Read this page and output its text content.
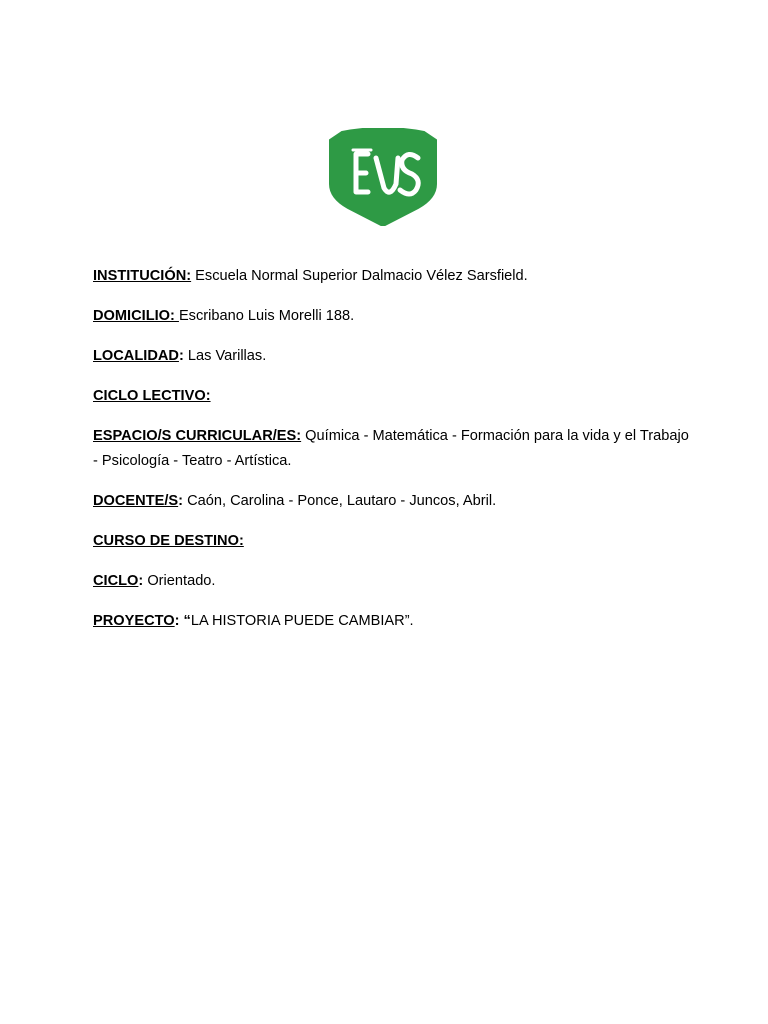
INSTITUCIÓN: Escuela Normal Superior Dalmacio Vélez Sarsfield.

DOMICILIO: Escribano Luis Morelli 188.

LOCALIDAD: Las Varillas.

CICLO LECTIVO:

ESPACIO/S CURRICULAR/ES: Química - Matemática - Formación para la vida y el Trabajo - Psicología - Teatro - Artística.

DOCENTE/S: Caón, Carolina - Ponce, Lautaro - Juncos, Abril.

CURSO DE DESTINO:

CICLO: Orientado.

PROYECTO: “LA HISTORIA PUEDE CAMBIAR”.
